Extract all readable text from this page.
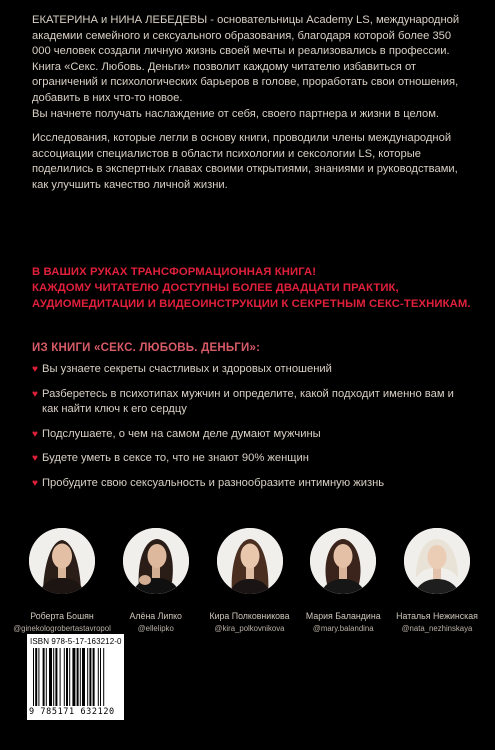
ЕКАТЕРИНА и НИНА ЛЕБЕДЕВЫ - основательницы Academy LS, международной академии семейного и сексуального образования, благодаря которой более 350 000 человек создали личную жизнь своей мечты и реализовались в профессии.

Книга «Секс. Любовь. Деньги» позволит каждому читателю избавиться от ограничений и психологических барьеров в голове, проработать свои отношения, добавить в них что-то новое.

Вы начнете получать наслаждение от себя, своего партнера и жизни в целом.

Исследования, которые легли в основу книги, проводили члены международной ассоциации специалистов в области психологии и сексологии LS, которые поделились в экспертных главах своими открытиями, знаниями и руководствами, как улучшить качество личной жизни.

В ВАШИХ РУКАХ ТРАНСФОРМАЦИОННАЯ КНИГА!

КАЖДОМУ ЧИТАТЕЛЮ ДОСТУПНЫ БОЛЕЕ ДВАДЦАТИ ПРАКТИК, АУДИОМЕДИТАЦИИ И ВИДЕОИНСТРУКЦИИ К СЕКРЕТНЫМ СЕКС-ТЕХНИКАМ.

ИЗ КНИГИ «СЕКС. ЛЮБОВЬ. ДЕНЬГИ»:
♥ Вы узнаете секреты счастливых и здоровых отношений
♥ Разберетесь в психотипах мужчин и определите, какой подходит именно вам и как найти ключ к его сердцу
♥ Подслушаете, о чем на самом деле думают мужчины
♥ Будете уметь в сексе то, что не знают 90% женщин
♥ Пробудите свою сексуальность и разнообразите интимную жизнь
Роберта Бошян
@ginekologrobertastavropol
Алёна Липко
@ellelipko
Кира Полковникова
@kira_polkovnikova
Мария Баландина
@mary.balandina
Наталья Нежинская
@nata_nezhinskaya
ISBN 978-5-17-163212-0
9 785171 632120
